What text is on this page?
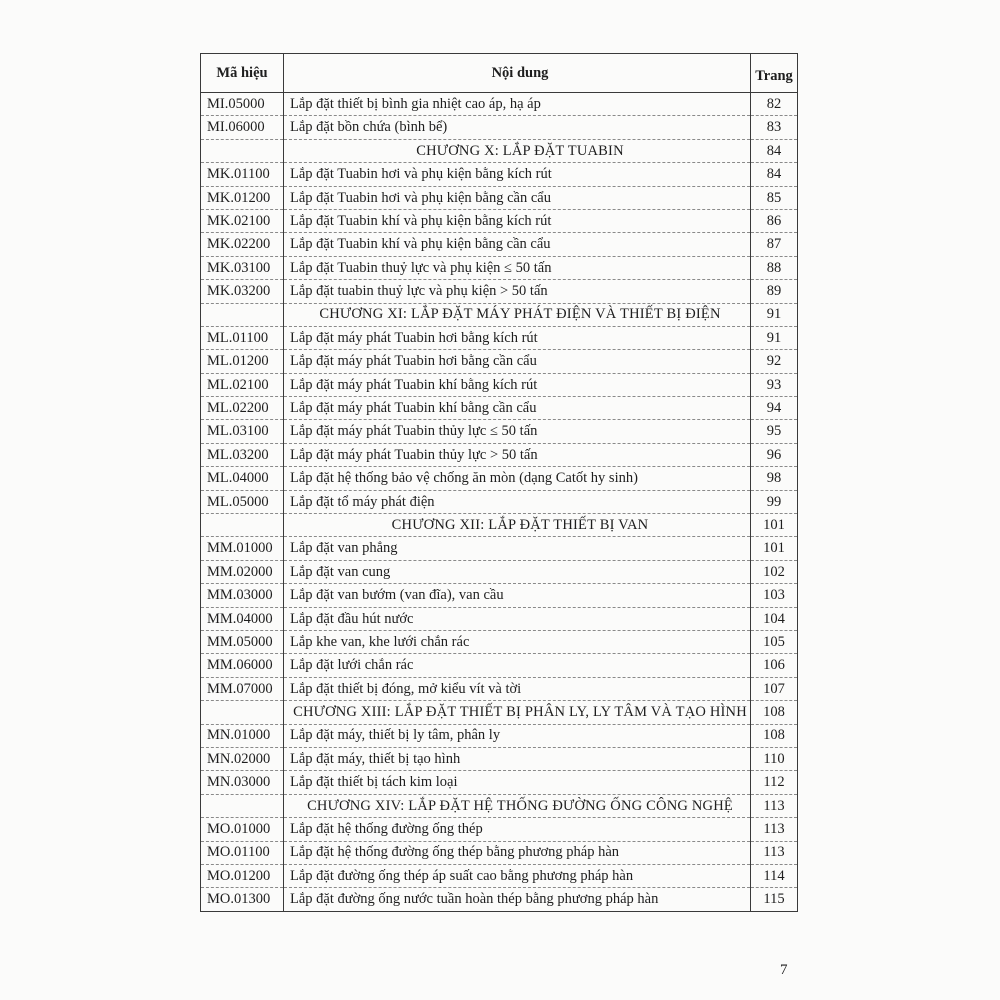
Mã hiệu	Nội dung	Trang
MI.05000	Lắp đặt thiết bị bình gia nhiệt cao áp, hạ áp	82
MI.06000	Lắp đặt bồn chứa (bình bể)	83
	CHƯƠNG X: LẮP ĐẶT TUABIN	84
MK.01100	Lắp đặt Tuabin hơi và phụ kiện bằng kích rút	84
MK.01200	Lắp đặt Tuabin hơi và phụ kiện bằng cần cẩu	85
MK.02100	Lắp đặt Tuabin khí và phụ kiện bằng kích rút	86
MK.02200	Lắp đặt Tuabin khí và phụ kiện bằng cần cẩu	87
MK.03100	Lắp đặt Tuabin thuỷ lực và phụ kiện ≤ 50 tấn	88
MK.03200	Lắp đặt tuabin thuỷ lực và phụ kiện > 50 tấn	89
	CHƯƠNG XI: LẮP ĐẶT MÁY PHÁT ĐIỆN VÀ THIẾT BỊ ĐIỆN	91
ML.01100	Lắp đặt máy phát Tuabin hơi bằng kích rút	91
ML.01200	Lắp đặt máy phát Tuabin hơi bằng cần cẩu	92
ML.02100	Lắp đặt máy phát Tuabin khí bằng kích rút	93
ML.02200	Lắp đặt máy phát Tuabin khí bằng cần cẩu	94
ML.03100	Lắp đặt máy phát Tuabin thủy lực ≤ 50 tấn	95
ML.03200	Lắp đặt máy phát Tuabin thủy lực > 50 tấn	96
ML.04000	Lắp đặt hệ thống bảo vệ chống ăn mòn (dạng Catốt hy sinh)	98
ML.05000	Lắp đặt tổ máy phát điện	99
	CHƯƠNG XII: LẮP ĐẶT THIẾT BỊ VAN	101
MM.01000	Lắp đặt van phẳng	101
MM.02000	Lắp đặt van cung	102
MM.03000	Lắp đặt van bướm (van đĩa), van cầu	103
MM.04000	Lắp đặt đầu hút nước	104
MM.05000	Lắp khe van, khe lưới chắn rác	105
MM.06000	Lắp đặt lưới chắn rác	106
MM.07000	Lắp đặt thiết bị đóng, mở kiểu vít và tời	107
	CHƯƠNG XIII: LẮP ĐẶT THIẾT BỊ PHÂN LY, LY TÂM VÀ TẠO HÌNH	108
MN.01000	Lắp đặt máy, thiết bị ly tâm, phân ly	108
MN.02000	Lắp đặt máy, thiết bị tạo hình	110
MN.03000	Lắp đặt thiết bị tách kim loại	112
	CHƯƠNG XIV: LẮP ĐẶT HỆ THỐNG ĐƯỜNG ỐNG CÔNG NGHỆ	113
MO.01000	Lắp đặt hệ thống đường ống thép	113
MO.01100	Lắp đặt hệ thống đường ống thép bằng phương pháp hàn	113
MO.01200	Lắp đặt đường ống thép áp suất cao bằng phương pháp hàn	114
MO.01300	Lắp đặt đường ống nước tuần hoàn thép bằng phương pháp hàn	115
7
